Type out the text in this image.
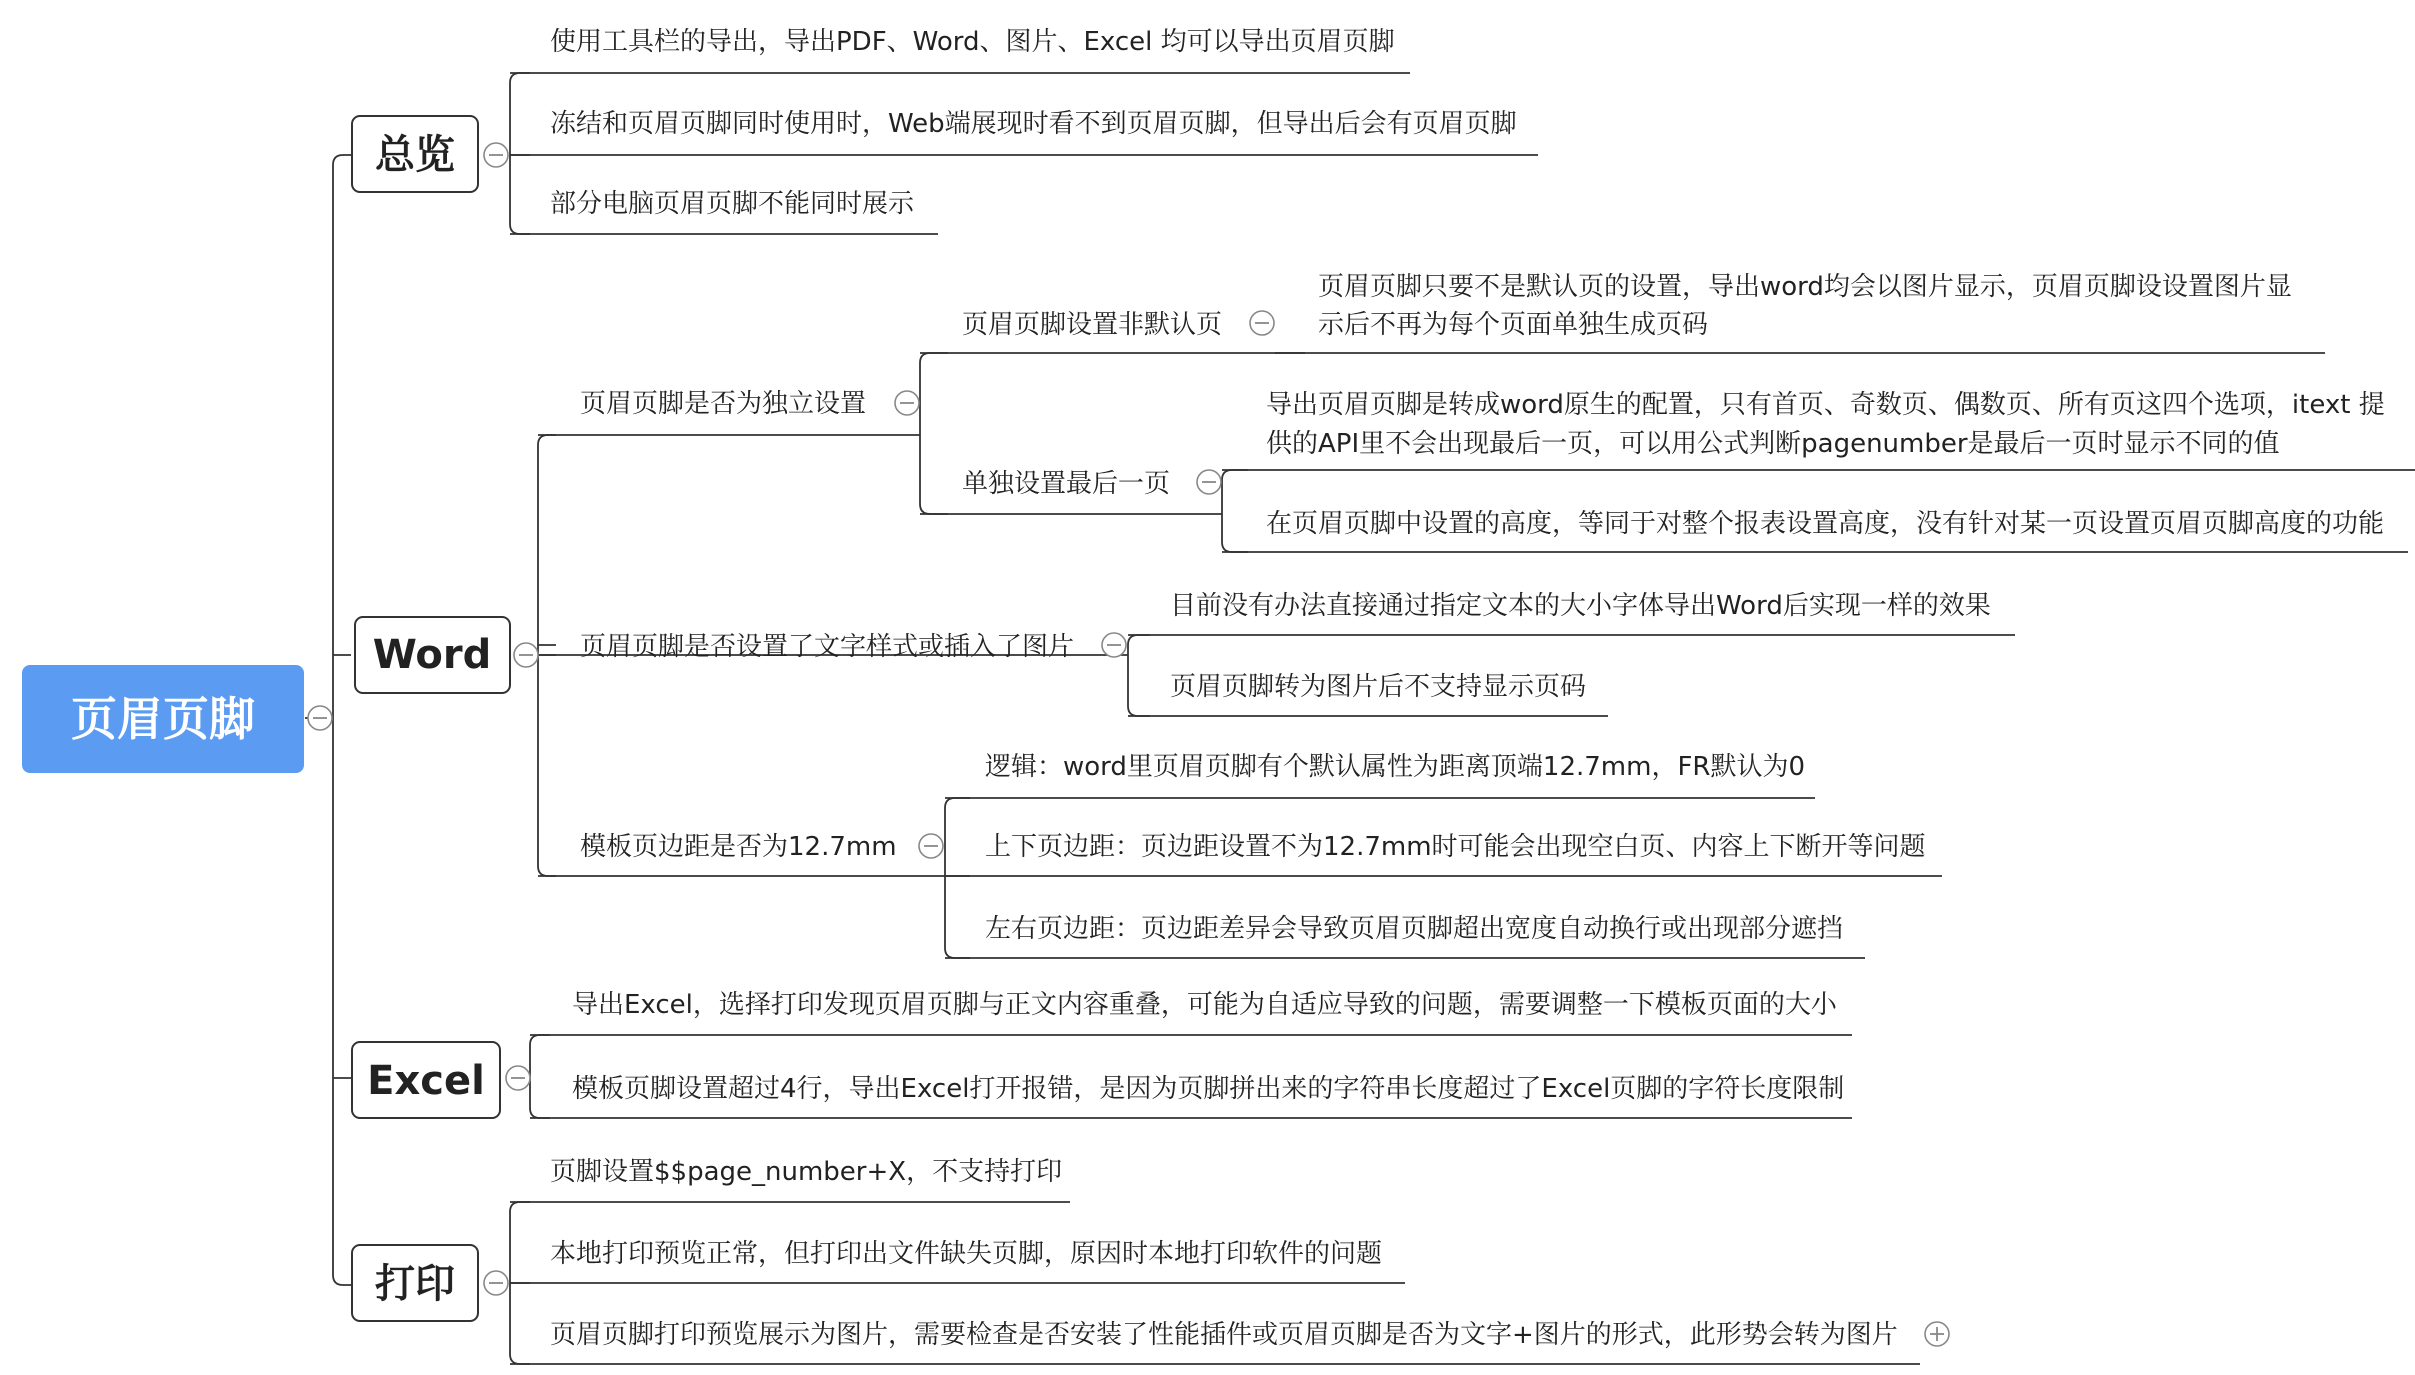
页眉页脚
总览
Word
Excel
打印
使用工具栏的导出，导出PDF、Word、图片、Excel 均可以导出页眉页脚
冻结和页眉页脚同时使用时，Web端展现时看不到页眉页脚，但导出后会有页眉页脚
部分电脑页眉页脚不能同时展示
页眉页脚是否为独立设置
页眉页脚设置非默认页
页眉页脚只要不是默认页的设置，导出word均会以图片显示，页眉页脚设设置图片显
示后不再为每个页面单独生成页码
单独设置最后一页
导出页眉页脚是转成word原生的配置，只有首页、奇数页、偶数页、所有页这四个选项，itext 提
供的API里不会出现最后一页，可以用公式判断pagenumber是最后一页时显示不同的值
在页眉页脚中设置的高度，等同于对整个报表设置高度，没有针对某一页设置页眉页脚高度的功能
页眉页脚是否设置了文字样式或插入了图片
目前没有办法直接通过指定文本的大小字体导出Word后实现一样的效果
页眉页脚转为图片后不支持显示页码
模板页边距是否为12.7mm
逻辑：word里页眉页脚有个默认属性为距离顶端12.7mm，FR默认为0
上下页边距：页边距设置不为12.7mm时可能会出现空白页、内容上下断开等问题
左右页边距：页边距差异会导致页眉页脚超出宽度自动换行或出现部分遮挡
导出Excel，选择打印发现页眉页脚与正文内容重叠，可能为自适应导致的问题，需要调整一下模板页面的大小
模板页脚设置超过4行，导出Excel打开报错，是因为页脚拼出来的字符串长度超过了Excel页脚的字符长度限制
页脚设置$$page_number+X，不支持打印
本地打印预览正常，但打印出文件缺失页脚，原因时本地打印软件的问题
页眉页脚打印预览展示为图片，需要检查是否安装了性能插件或页眉页脚是否为文字+图片的形式，此形势会转为图片
